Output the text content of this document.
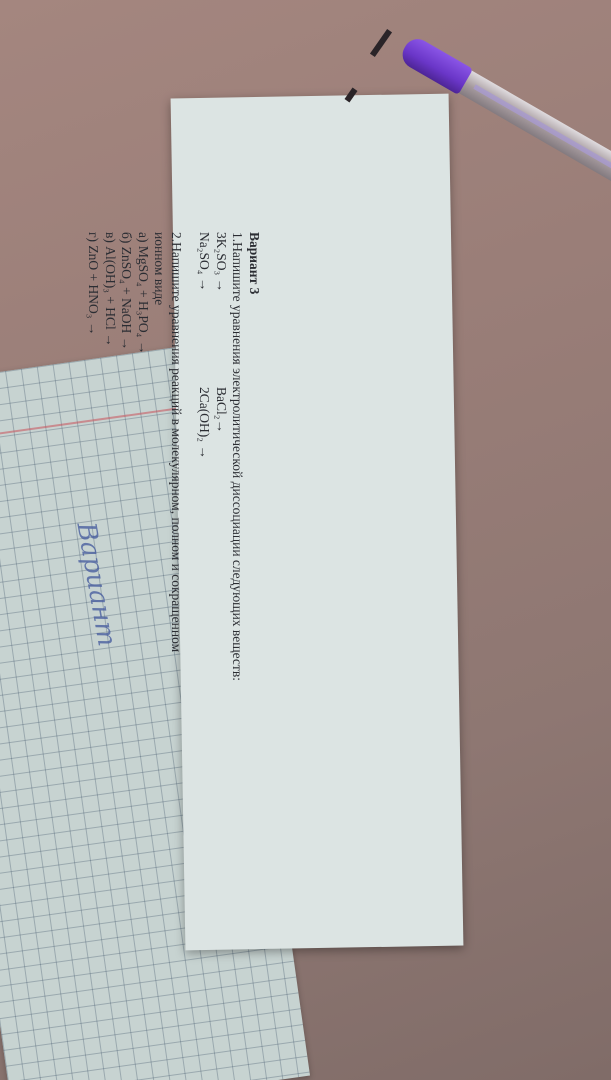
Вариант
Вариант 3
1.Напишите уравнения электролитической диссоциации следующих веществ:
3K₂SO₃ →
BaCl₂→
Na₂SO₄ →
2Ca(OH)₂ →
2.Напишите уравнения реакций в молекулярном, полном и сокращенном
ионном виде
а) MgSO₄ + H₃PO₄ →
б) ZnSO₄ + NaOH →
в) Al(OH)₃ + HCl →
г) ZnO + HNO₃ →
